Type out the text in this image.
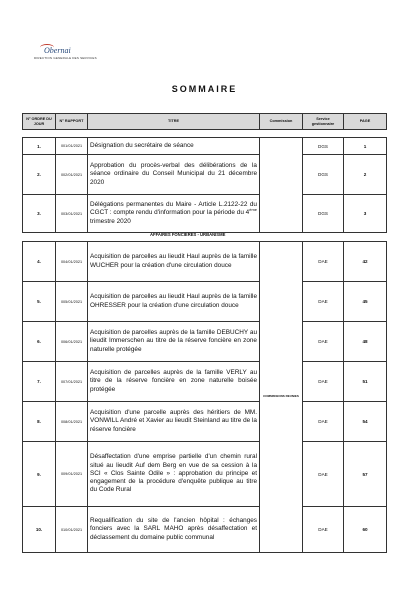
Obernai
DIRECTION GENERALE DES SERVICES
SOMMAIRE
N° ORDRE DU JOUR	N° RAPPORT	TITRE	Commission	Service gestionnaire	PAGE

1.	001/01/2021	Désignation du secrétaire de séance		DGS	1
2.	002/01/2021	Approbation du procès-verbal des délibérations de la séance ordinaire du Conseil Municipal du 21 décembre 2020		DGS	2
3.	003/01/2021	Délégations permanentes du Maire - Article L.2122-22 du CGCT : compte rendu d'information pour la période du 4ème trimestre 2020		DGS	3
AFFAIRES FONCIERES - URBANISME
4.	004/01/2021	Acquisition de parcelles au lieudit Haul auprès de la famille WUCHER pour la création d'une circulation douce	COMMISSIONS REUNIES	DAE	42
5.	005/01/2021	Acquisition de parcelles au lieudit Haul auprès de la famille OHRESSER pour la création d'une circulation douce		DAE	45
6.	006/01/2021	Acquisition de parcelles auprès de la famille DEBUCHY au lieudit Immerschen au titre de la réserve foncière en zone naturelle protégée		DAE	48
7.	007/01/2021	Acquisition de parcelles auprès de la famille VERLY au titre de la réserve foncière en zone naturelle boisée protégée		DAE	51
8.	008/01/2021	Acquisition d'une parcelle auprès des héritiers de MM. VONWILL André et Xavier au lieudit Steinland au titre de la réserve foncière		DAE	54
9.	009/01/2021	Désaffectation d'une emprise partielle d'un chemin rural situé au lieudit Auf dem Berg en vue de sa cession à la SCI « Clos Sainte Odile » : approbation du principe et engagement de la procédure d'enquête publique au titre du Code Rural		DAE	57
10.	010/01/2021	Requalification du site de l'ancien hôpital : échanges fonciers avec la SARL MAHO après désaffectation et déclassement du domaine public communal		DAE	60
